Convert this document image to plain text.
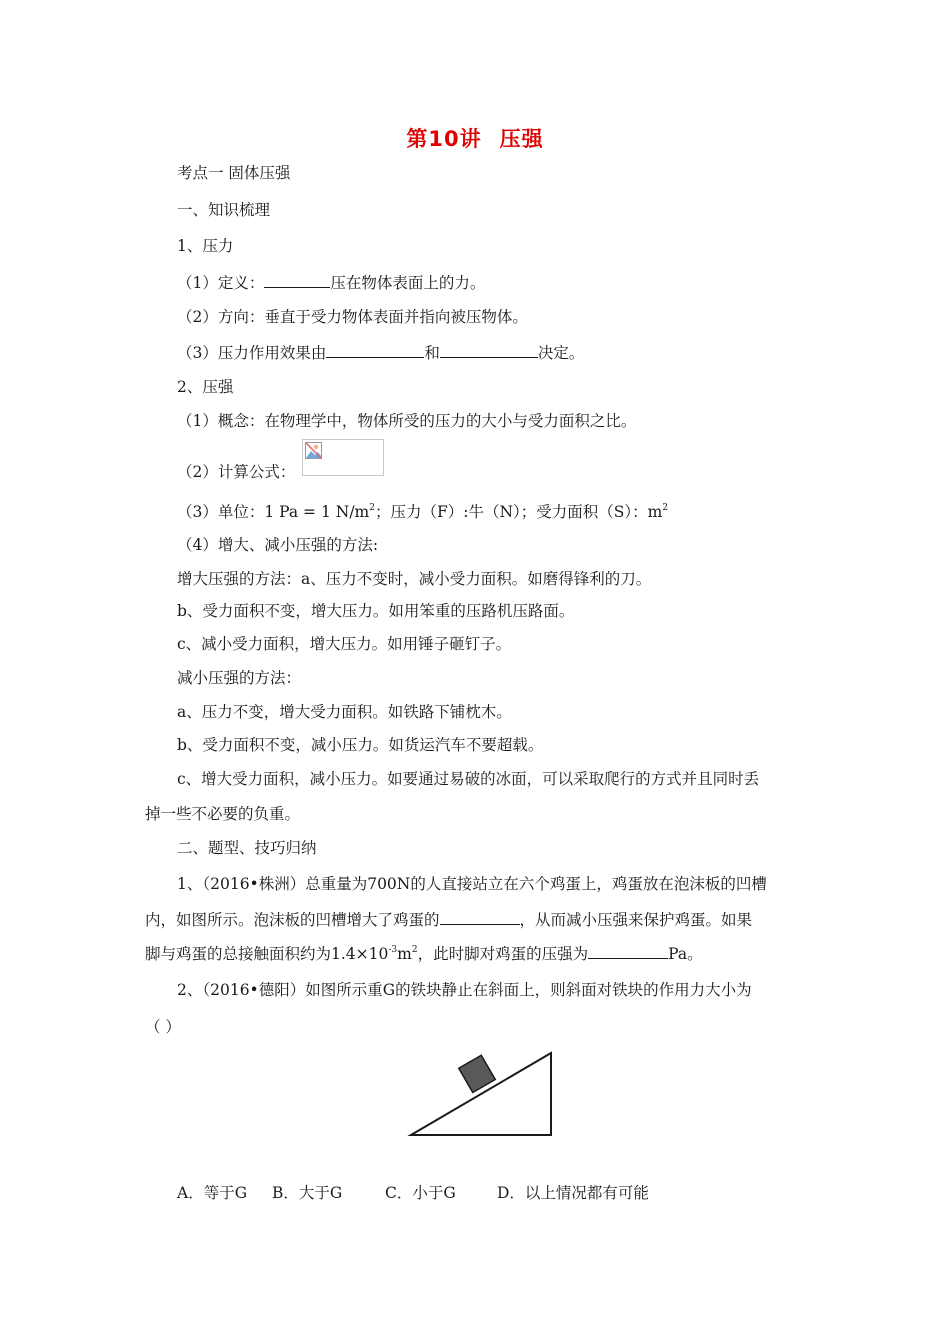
第10讲 压强
考点一 固体压强
一、知识梳理
1、压力
（1）定义：	压在物体表面上的力。
（2）方向：垂直于受力物体表面并指向被压物体。
（3）压力作用效果由	和	决定。
2、压强
（1）概念：在物理学中，物体所受的压力的大小与受力面积之比。
（2）计算公式：
（3）单位：1 Pa = 1 $N/m^2$；压力（F）:牛（N）；受力面积（S）：$m^2$
（4）增大、减小压强的方法:
增大压强的方法：a、压力不变时，减小受力面积。如磨得锋利的刀。
b、受力面积不变，增大压力。如用笨重的压路机压路面。
c、减小受力面积，增大压力。如用锤子砸钉子。
减小压强的方法：
a、压力不变，增大受力面积。如铁路下铺枕木。
b、受力面积不变，减小压力。如货运汽车不要超载。
c、增大受力面积，减小压力。如要通过易破的冰面，可以采取爬行的方式并且同时丢
掉一些不必要的负重。
二、题型、技巧归纳
1、（2016•株洲）总重量为700N的人直接站立在六个鸡蛋上，鸡蛋放在泡沫板的凹槽
内，如图所示。泡沫板的凹槽增大了鸡蛋的	，从而减小压强来保护鸡蛋。如果
脚与鸡蛋的总接触面积约为$1.4\times 10^{-3}m^2$，此时脚对鸡蛋的压强为	Pa。
2、（2016•德阳）如图所示重G的铁块静止在斜面上，则斜面对铁块的作用力大小为
（ ）
A．等于G B．大于G	C．小于G	D．以上情况都有可能
